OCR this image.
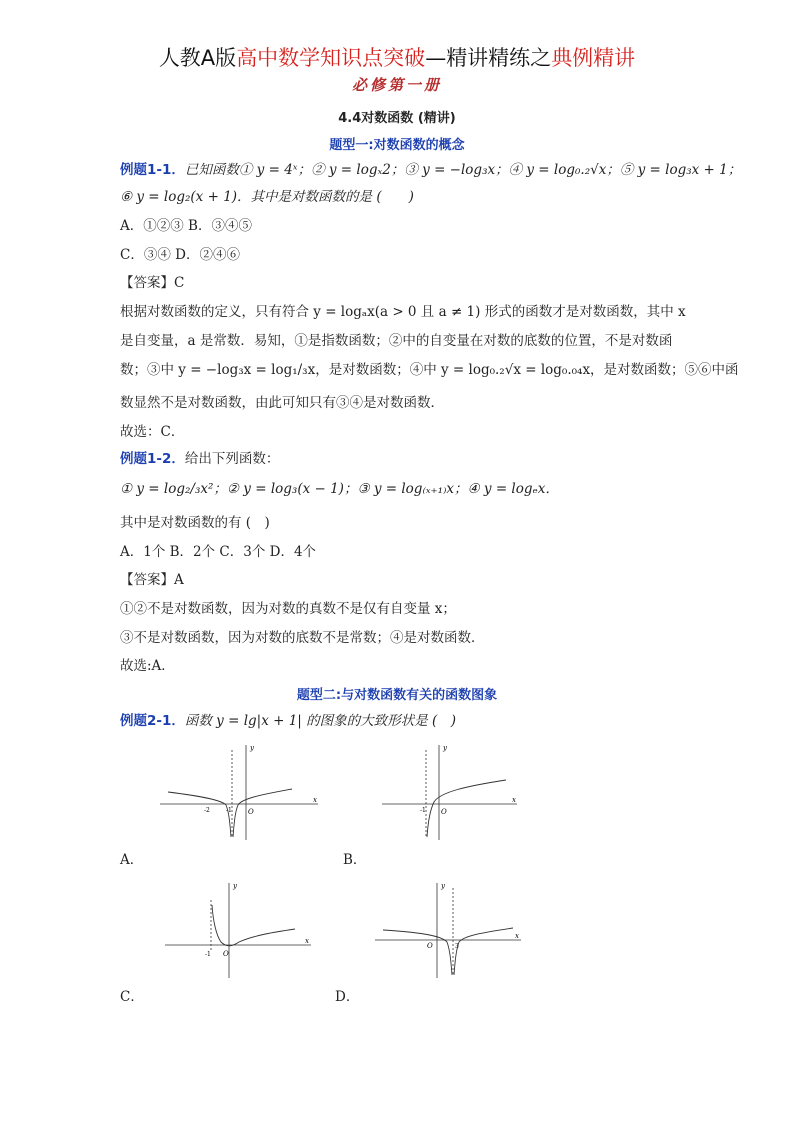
人教A版高中数学知识点突破—精讲精练之典例精讲
必修第一册
4.4对数函数 (精讲)
题型一:对数函数的概念
例题1-1．已知函数① y = 4ˣ；② y = logₓ2；③ y = −log₃x；④ y = log₀.₂√x；⑤ y = log₃x + 1；
⑥ y = log₂(x + 1)．其中是对数函数的是 (　　)
A．①②③ B．③④⑤
C．③④ D．②④⑥
【答案】C
根据对数函数的定义，只有符合 y = logₐx(a > 0 且 a ≠ 1) 形式的函数才是对数函数，其中 x
是自变量，a 是常数．易知，①是指数函数；②中的自变量在对数的底数的位置，不是对数函
数；③中 y = −log₃x = log₁/₃x，是对数函数；④中 y = log₀.₂√x = log₀.₀₄x，是对数函数；⑤⑥中函
数显然不是对数函数，由此可知只有③④是对数函数．
故选：C．
例题1-2．给出下列函数：
① y = log₂/₃x²；② y = log₃(x − 1)；③ y = log₍ₓ₊₁₎x；④ y = logₑx．
其中是对数函数的有 (　)
A．1个 B．2个 C．3个 D．4个
【答案】A
①②不是对数函数，因为对数的真数不是仅有自变量 x；
③不是对数函数，因为对数的底数不是常数；④是对数函数．
故选:A．
题型二:与对数函数有关的函数图象
例题2-1．函数 y = lg|x + 1| 的图象的大致形状是 (　)
y
x
O
-2	-1
A．
y
x
O
-1
B．
y
x
O
-1
C．
y
x
O	3
D．
